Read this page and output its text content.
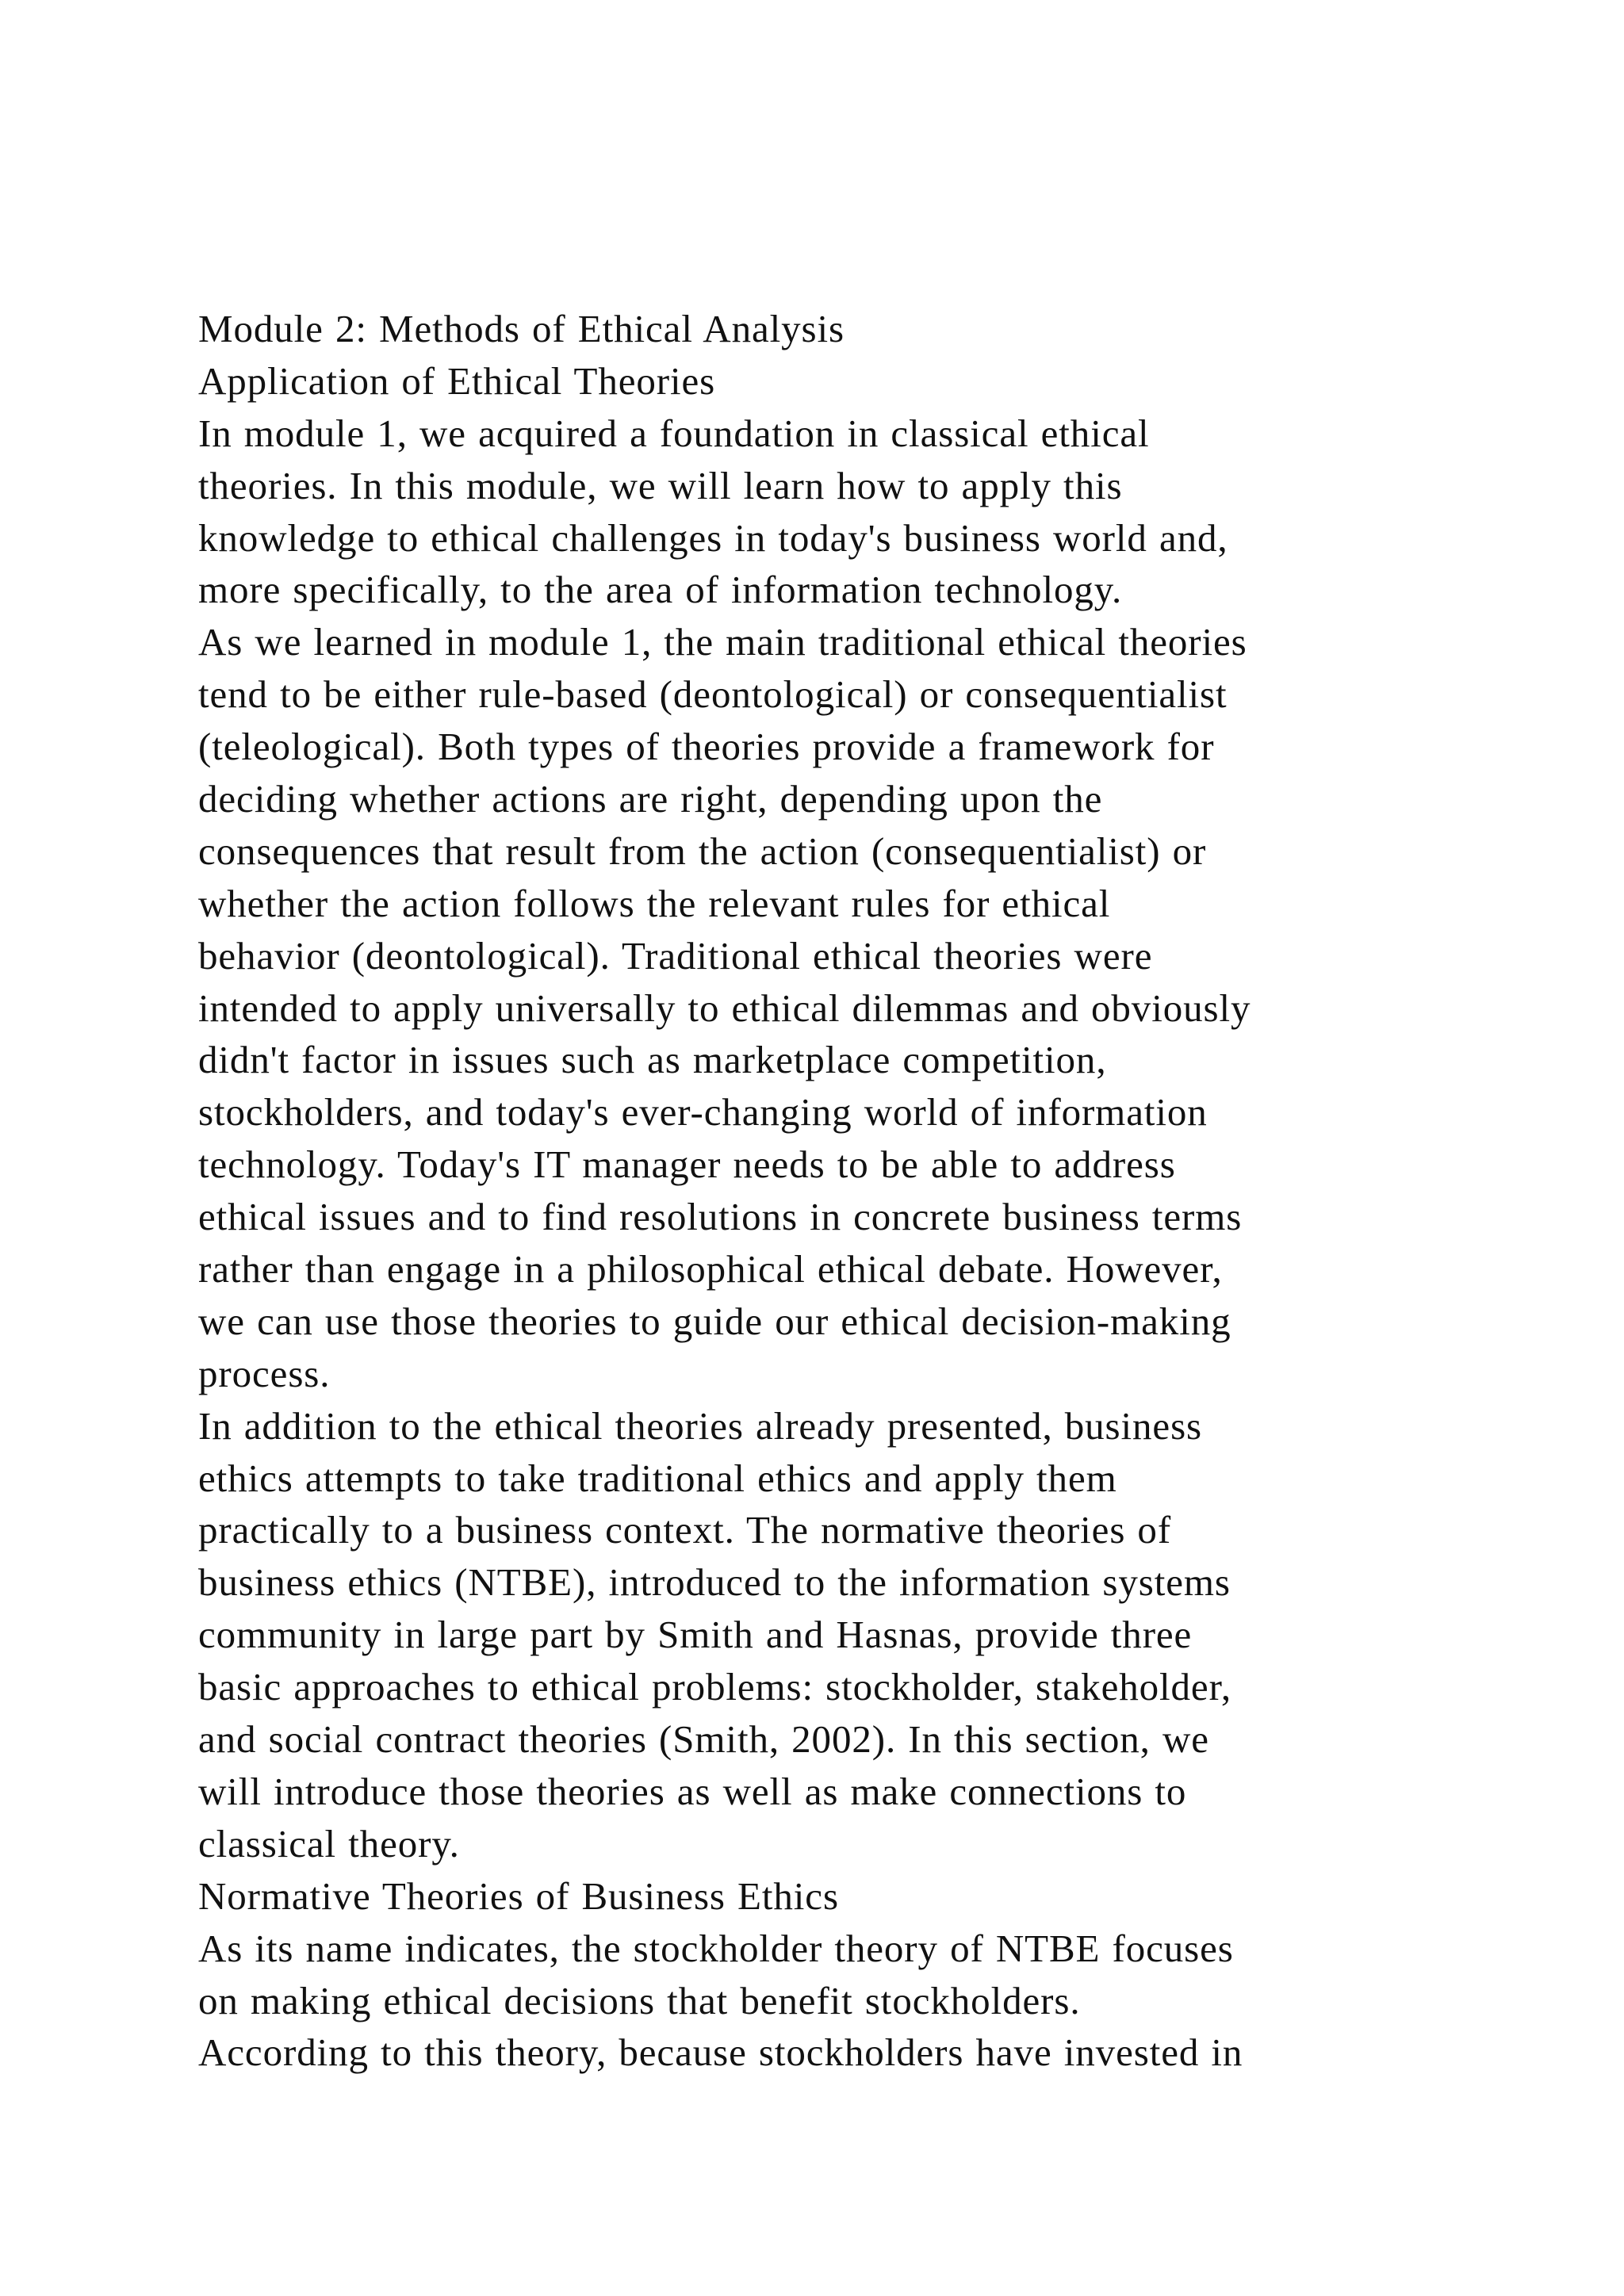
Module 2: Methods of Ethical Analysis
Application of Ethical Theories
In module 1, we acquired a foundation in classical ethical
theories. In this module, we will learn how to apply this
knowledge to ethical challenges in today's business world and,
more specifically, to the area of information technology.
As we learned in module 1, the main traditional ethical theories
tend to be either rule-based (deontological) or consequentialist
(teleological). Both types of theories provide a framework for
deciding whether actions are right, depending upon the
consequences that result from the action (consequentialist) or
whether the action follows the relevant rules for ethical
behavior (deontological). Traditional ethical theories were
intended to apply universally to ethical dilemmas and obviously
didn't factor in issues such as marketplace competition,
stockholders, and today's ever-changing world of information
technology. Today's IT manager needs to be able to address
ethical issues and to find resolutions in concrete business terms
rather than engage in a philosophical ethical debate. However,
we can use those theories to guide our ethical decision-making
process.
In addition to the ethical theories already presented, business
ethics attempts to take traditional ethics and apply them
practically to a business context. The normative theories of
business ethics (NTBE), introduced to the information systems
community in large part by Smith and Hasnas, provide three
basic approaches to ethical problems: stockholder, stakeholder,
and social contract theories (Smith, 2002). In this section, we
will introduce those theories as well as make connections to
classical theory.
Normative Theories of Business Ethics
As its name indicates, the stockholder theory of NTBE focuses
on making ethical decisions that benefit stockholders.
According to this theory, because stockholders have invested in
